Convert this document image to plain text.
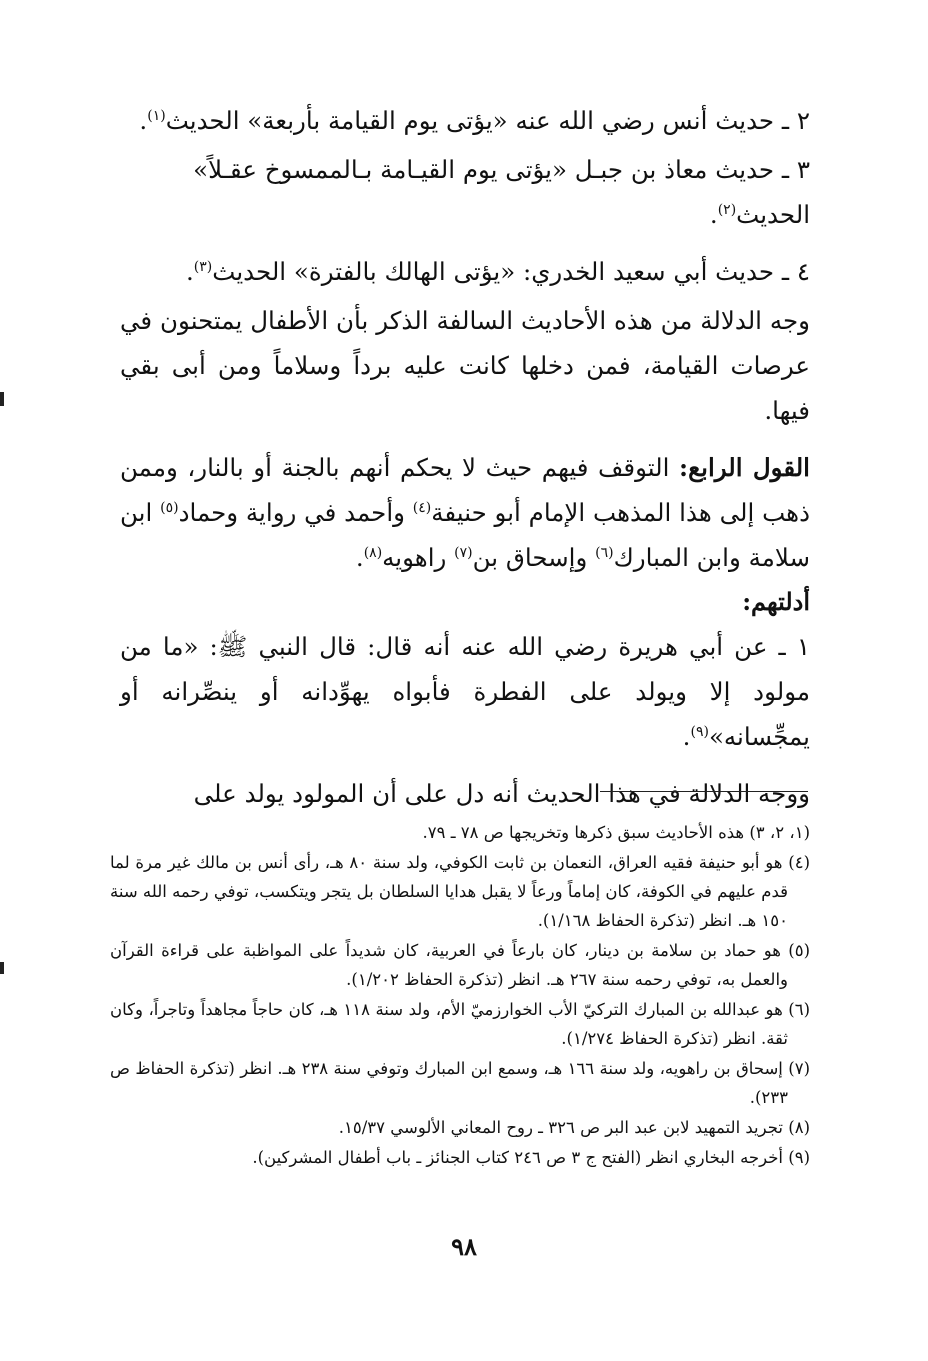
٢ ـ حديث أنس رضي الله عنه «يؤتى يوم القيامة بأربعة» الحديث$^{(١)}$.

٣ ـ حديث معاذ بن جبـل «يؤتى يوم القيـامة بـالممسوخ عقـلاً»
الحديث$^{(٢)}$.

٤ ـ حديث أبي سعيد الخدري: «يؤتى الهالك بالفترة» الحديث$^{(٣)}$.

وجه الدلالة من هذه الأحاديث السالفة الذكر بأن الأطفال يمتحنون في عرصات القيامة، فمن دخلها كانت عليه برداً وسلاماً ومن أبى بقي فيها.

القول الرابع: التوقف فيهم حيث لا يحكم أنهم بالجنة أو بالنار، وممن ذهب إلى هذا المذهب الإمام أبو حنيفة$^{(٤)}$ وأحمد في رواية وحماد$^{(٥)}$ ابن سلامة وابن المبارك$^{(٦)}$ وإسحاق بن$^{(٧)}$ راهويه$^{(٨)}$.

أدلتهم:

١ ـ عن أبي هريرة رضي الله عنه أنه قال: قال النبي ﷺ: «ما من مولود إلا ويولد على الفطرة فأبواه يهوِّدانه أو ينصِّرانه أو يمجِّسانه»$^{(٩)}$.

ووجه الدلالة في هذا الحديث أنه دل على أن المولود يولد على

(١، ٢، ٣) هذه الأحاديث سبق ذكرها وتخريجها ص ٧٨ ـ ٧٩.

(٤) هو أبو حنيفة فقيه العراق، النعمان بن ثابت الكوفي، ولد سنة ٨٠ هـ، رأى أنس بن مالك غير مرة لما قدم عليهم في الكوفة، كان إماماً ورعاً لا يقبل هدايا السلطان بل يتجر ويتكسب، توفي رحمه الله سنة ١٥٠ هـ. انظر (تذكرة الحفاظ ١/١٦٨).

(٥) هو حماد بن سلامة بن دينار، كان بارعاً في العربية، كان شديداً على المواظبة على قراءة القرآن والعمل به، توفي رحمه سنة ٢٦٧ هـ. انظر (تذكرة الحفاظ ١/٢٠٢).

(٦) هو عبدالله بن المبارك التركيّ الأب الخوارزميّ الأم، ولد سنة ١١٨ هـ، كان حاجاً مجاهداً وتاجراً، وكان ثقة. انظر (تذكرة الحفاظ ١/٢٧٤).

(٧) إسحاق بن راهويه، ولد سنة ١٦٦ هـ، وسمع ابن المبارك وتوفي سنة ٢٣٨ هـ. انظر (تذكرة الحفاظ ص ٢٣٣).

(٨) تجريد التمهيد لابن عبد البر ص ٣٢٦ ـ روح المعاني الألوسي ١٥/٣٧.

(٩) أخرجه البخاري انظر (الفتح ج ٣ ص ٢٤٦ كتاب الجنائز ـ باب أطفال المشركين).

٩٨
